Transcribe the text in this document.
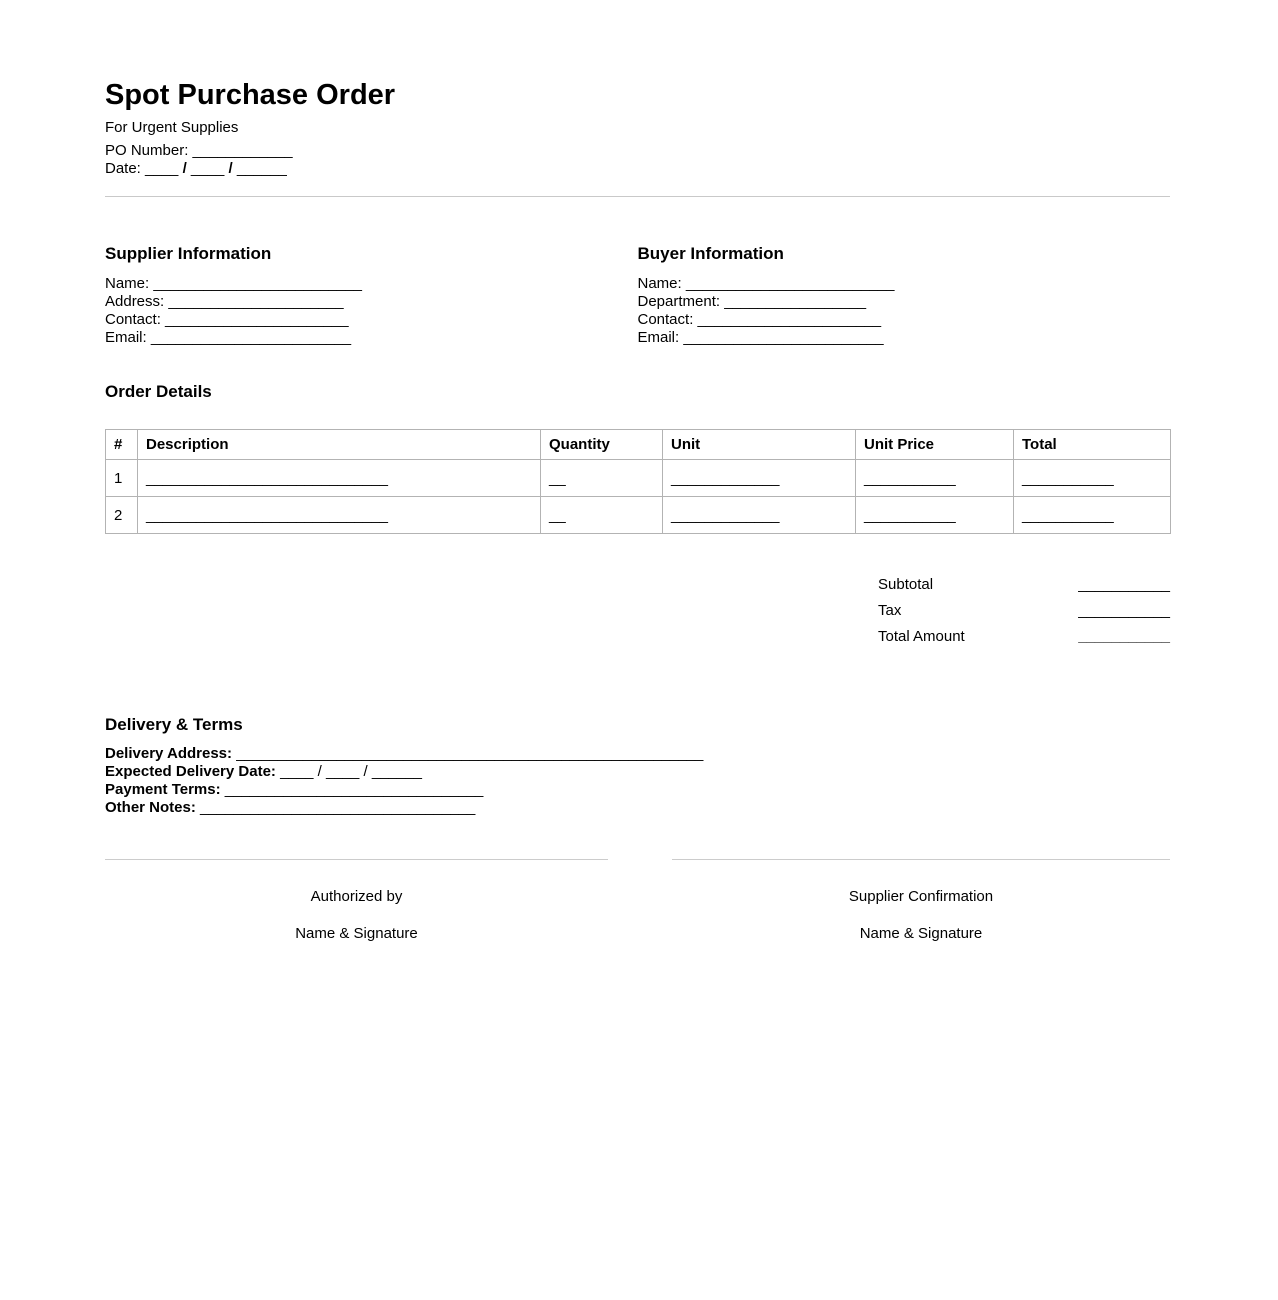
Spot Purchase Order

For Urgent Supplies

PO Number: ____________

Date: ____ / ____ / ______

Supplier Information

Name: _________________________

Address: _____________________

Contact: ______________________

Email: ________________________

Buyer Information

Name: _________________________

Department: _________________

Contact: ______________________

Email: ________________________

Order Details
#	Description	Quantity	Unit	Unit Price	Total
1	_____________________________	__	_____________	___________	___________
2	_____________________________	__	_____________	___________	___________
Subtotal	___________
Tax	___________
Total Amount	___________
Delivery & Terms

Delivery Address: ________________________________________________________

Expected Delivery Date: ____ / ____ / ______

Payment Terms: _______________________________

Other Notes: _________________________________

Authorized by

Name & Signature

Supplier Confirmation

Name & Signature
